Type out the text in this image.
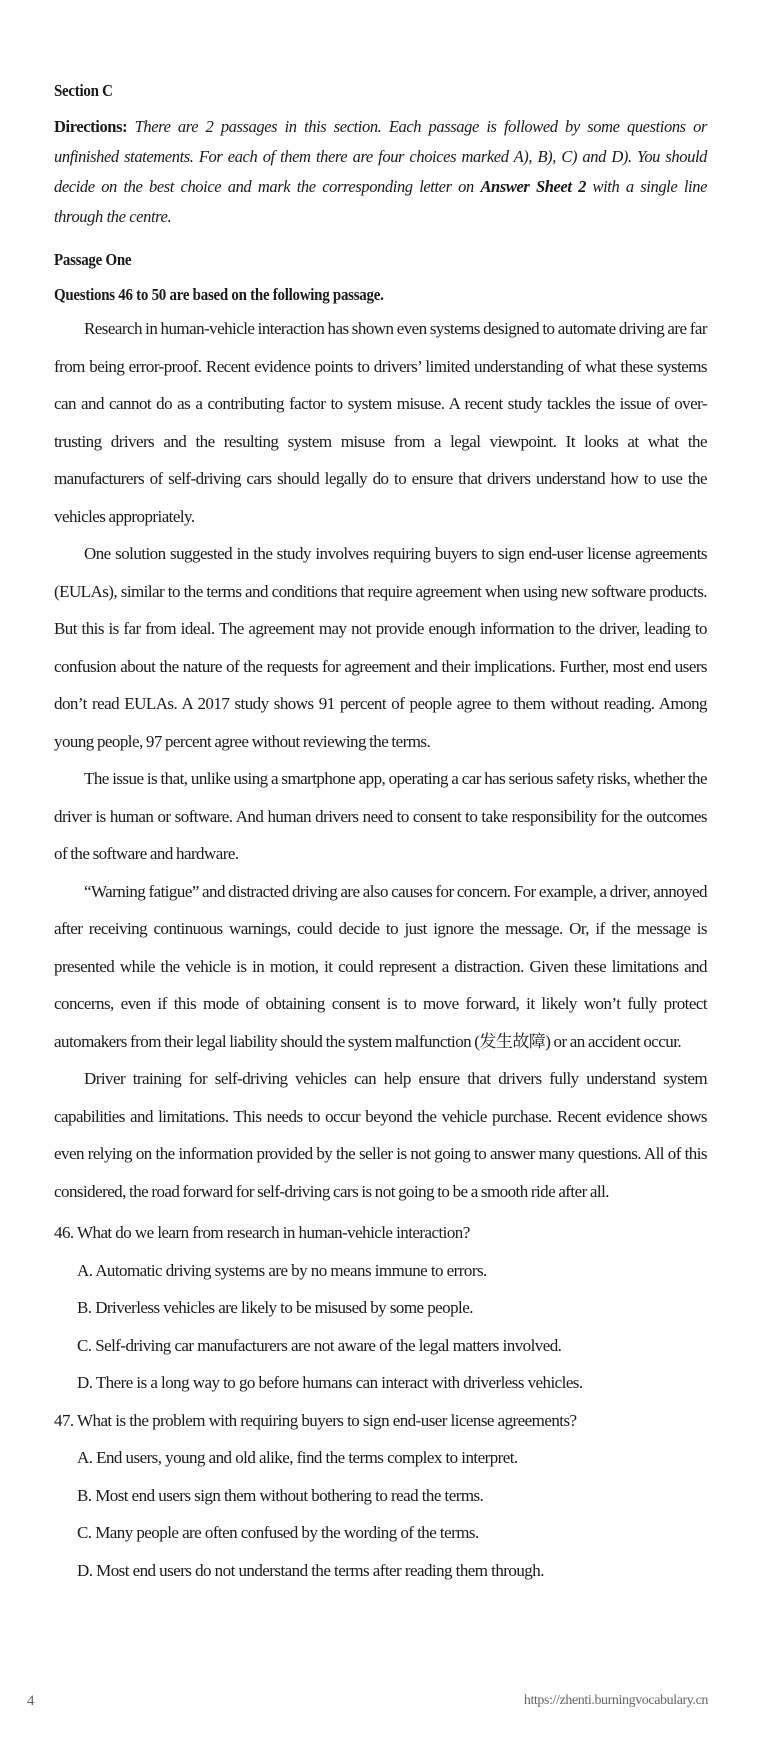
Section C

Directions: There are 2 passages in this section. Each passage is followed by some questions or unfinished statements. For each of them there are four choices marked A), B), C) and D). You should decide on the best choice and mark the corresponding letter on Answer Sheet 2 with a single line through the centre.

Passage One
Questions 46 to 50 are based on the following passage.

Research in human-vehicle interaction has shown even systems designed to automate driving are far from being error-proof. Recent evidence points to drivers’ limited understanding of what these systems can and cannot do as a contributing factor to system misuse. A recent study tackles the issue of over-trusting drivers and the resulting system misuse from a legal viewpoint. It looks at what the manufacturers of self-driving cars should legally do to ensure that drivers understand how to use the vehicles appropriately.

One solution suggested in the study involves requiring buyers to sign end-user license agreements (EULAs), similar to the terms and conditions that require agreement when using new software products. But this is far from ideal. The agreement may not provide enough information to the driver, leading to confusion about the nature of the requests for agreement and their implications. Further, most end users don’t read EULAs. A 2017 study shows 91 percent of people agree to them without reading. Among young people, 97 percent agree without reviewing the terms.

The issue is that, unlike using a smartphone app, operating a car has serious safety risks, whether the driver is human or software. And human drivers need to consent to take responsibility for the outcomes of the software and hardware.

“Warning fatigue” and distracted driving are also causes for concern. For example, a driver, annoyed after receiving continuous warnings, could decide to just ignore the message. Or, if the message is presented while the vehicle is in motion, it could represent a distraction. Given these limitations and concerns, even if this mode of obtaining consent is to move forward, it likely won’t fully protect automakers from their legal liability should the system malfunction (发生故障) or an accident occur.

Driver training for self-driving vehicles can help ensure that drivers fully understand system capabilities and limitations. This needs to occur beyond the vehicle purchase. Recent evidence shows even relying on the information provided by the seller is not going to answer many questions. All of this considered, the road forward for self-driving cars is not going to be a smooth ride after all.

46. What do we learn from research in human-vehicle interaction?
A. Automatic driving systems are by no means immune to errors.
B. Driverless vehicles are likely to be misused by some people.
C. Self-driving car manufacturers are not aware of the legal matters involved.
D. There is a long way to go before humans can interact with driverless vehicles.
47. What is the problem with requiring buyers to sign end-user license agreements?
A. End users, young and old alike, find the terms complex to interpret.
B. Most end users sign them without bothering to read the terms.
C. Many people are often confused by the wording of the terms.
D. Most end users do not understand the terms after reading them through.
4	https://zhenti.burningvocabulary.cn
